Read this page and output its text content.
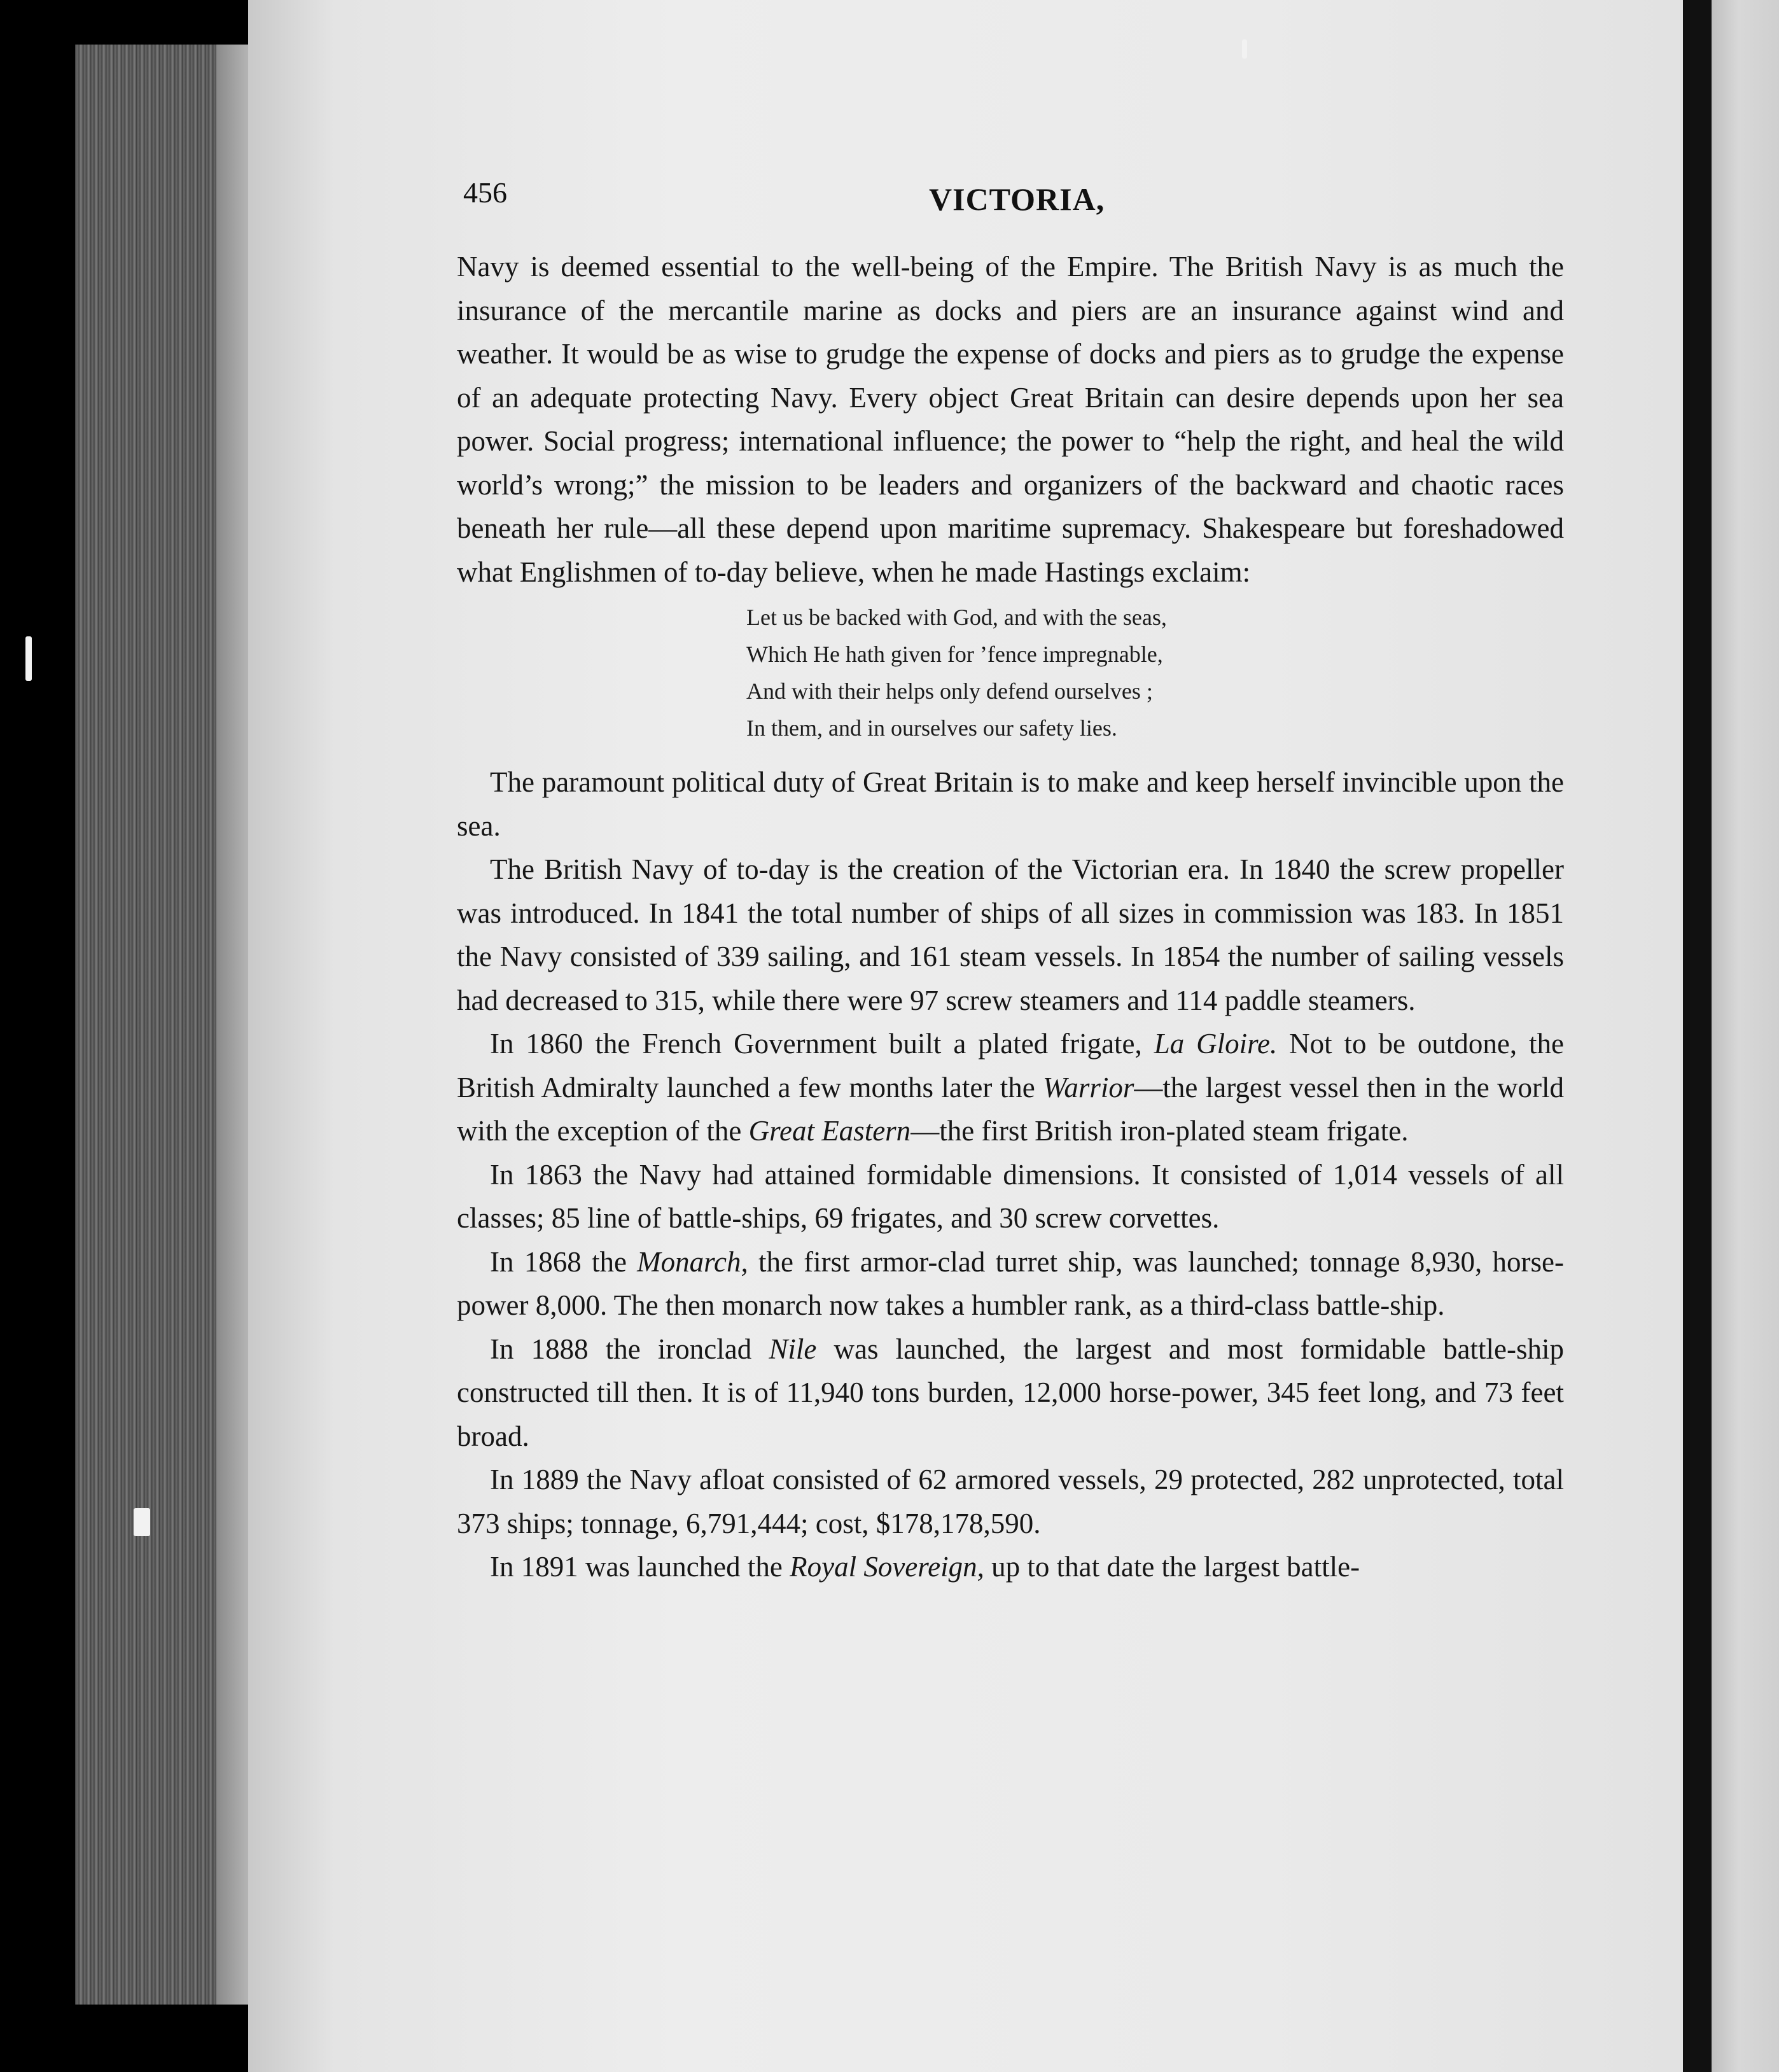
456	VICTORIA,

Navy is deemed essential to the well-being of the Empire. The British Navy is as much the insurance of the mercantile marine as docks and piers are an insurance against wind and weather. It would be as wise to grudge the expense of docks and piers as to grudge the expense of an adequate protecting Navy. Every object Great Britain can desire depends upon her sea power. Social progress; international influence; the power to “help the right, and heal the wild world’s wrong;” the mission to be leaders and organizers of the backward and chaotic races beneath her rule—all these depend upon maritime supremacy. Shakespeare but foreshadowed what Englishmen of to-day believe, when he made Hastings exclaim:

Let us be backed with God, and with the seas,
Which He hath given for ’fence impregnable,
And with their helps only defend ourselves ;
In them, and in ourselves our safety lies.

The paramount political duty of Great Britain is to make and keep herself invincible upon the sea.

The British Navy of to-day is the creation of the Victorian era. In 1840 the screw propeller was introduced. In 1841 the total number of ships of all sizes in commission was 183. In 1851 the Navy consisted of 339 sailing, and 161 steam vessels. In 1854 the number of sailing vessels had decreased to 315, while there were 97 screw steamers and 114 paddle steamers.

In 1860 the French Government built a plated frigate, La Gloire. Not to be outdone, the British Admiralty launched a few months later the Warrior—the largest vessel then in the world with the exception of the Great Eastern—the first British iron-plated steam frigate.

In 1863 the Navy had attained formidable dimensions. It consisted of 1,014 vessels of all classes; 85 line of battle-ships, 69 frigates, and 30 screw corvettes.

In 1868 the Monarch, the first armor-clad turret ship, was launched; tonnage 8,930, horse-power 8,000. The then monarch now takes a humbler rank, as a third-class battle-ship.

In 1888 the ironclad Nile was launched, the largest and most formidable battle-ship constructed till then. It is of 11,940 tons burden, 12,000 horse-power, 345 feet long, and 73 feet broad.

In 1889 the Navy afloat consisted of 62 armored vessels, 29 protected, 282 unprotected, total 373 ships; tonnage, 6,791,444; cost, $178,178,590.

In 1891 was launched the Royal Sovereign, up to that date the largest battle-
